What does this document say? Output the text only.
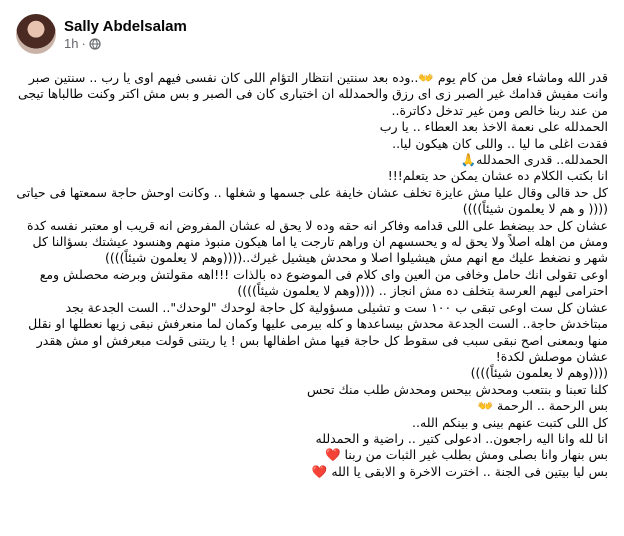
Sally Abdelsalam
1h ·

قدر الله وماشاء فعل من كام يوم 👐..وده بعد سنتين انتظار التؤام اللى كان نفسى فيهم اوى يا رب .. سنتين صبر وانت مفيش قدامك غير الصبر زى اى رزق والحمدلله ان اختبارى كان فى الصبر و بس مش اكتر وكنت طالباها تيجى من عند ربنا خالص ومن غير تدخل دكاترة..

الحمدلله على نعمة الاخذ بعد العطاء .. يا رب

فقدت اغلى ما ليا .. واللى كان هيكون ليا..

الحمدلله.. قدرى الحمدلله🙏

انا بكتب الكلام ده عشان يمكن حد يتعلم!!!

كل حد قالى وقال عليا مش عايزة تخلف عشان خايفة على جسمها و شغلها .. وكانت اوحش حاجة سمعتها فى حياتى

(((( و هم لا يعلمون شيئاً))))

عشان كل حد بيضغط على اللى قدامه وفاكر انه حقه وده لا يحق له عشان المفروض انه قريب او معتبر نفسه كدة ومش من اهله اصلاً ولا يحق له و يحسسهم ان وراهم تارجت يا اما هيكون منبوذ منهم وهنسود عيشتك بسؤالنا كل شهر و نضغط عليك مع انهم مش هيشيلوا اصلا و محدش هيشيل غيرك..((((وهم لا يعلمون شيئاً))))

اوعى تقولى انك حامل وخافى من العين واى كلام فى الموضوع ده بالذات !!!اهه مقولتش وبرضه محصلش ومع احترامى ليهم العرسة بتخلف ده مش انجاز .. ((((وهم لا يعلمون شيئاً))))

عشان كل ست اوعى تبقى ب ١٠٠ ست و تشيلى مسؤولية كل حاجة لوحدك "لوحدك".. الست الجدعة بجد مبتاخدش حاجة.. الست الجدعة محدش بيساعدها و كله بيرمى عليها وكمان لما منعرفش نبقى زيها نعطلها او نقلل منها وبمعنى اصح نبقى سبب فى سقوط كل حاجة فيها مش اطفالها بس ! يا ريتنى قولت مبعرفش او مش هقدر عشان موصلش لكدة!

((((وهم لا يعلمون شيئاً))))

كلنا تعبنا و بنتعب ومحدش بيحس ومحدش طلب منك تحس

بس الرحمة .. الرحمة 👐

كل اللى كتبت عنهم بينى و بينكم الله..

انا لله وانا اليه راجعون.. ادعولى كتير .. راضية و الحمدلله

بس بنهار وانا بصلى ومش بطلب غير الثبات من ربنا ❤️

بس ليا بيتين فى الجنة .. اخترت الاخرة و الابقى يا الله ❤️
